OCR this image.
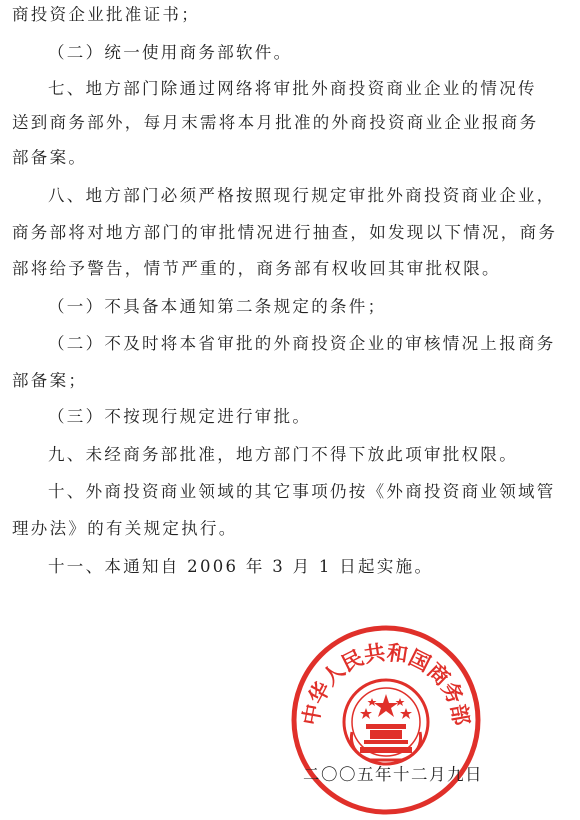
商投资企业批准证书；
（二）统一使用商务部软件。
七、地方部门除通过网络将审批外商投资商业企业的情况传
送到商务部外，每月末需将本月批准的外商投资商业企业报商务
部备案。
八、地方部门必须严格按照现行规定审批外商投资商业企业，
商务部将对地方部门的审批情况进行抽查，如发现以下情况，商务
部将给予警告，情节严重的，商务部有权收回其审批权限。
（一）不具备本通知第二条规定的条件；
（二）不及时将本省审批的外商投资企业的审核情况上报商务
部备案；
（三）不按现行规定进行审批。
九、未经商务部批准，地方部门不得下放此项审批权限。
十、外商投资商业领域的其它事项仍按《外商投资商业领域管
理办法》的有关规定执行。
十一、本通知自 2006 年 3 月 1 日起实施。
中华人民共和国商务部
二〇〇五年十二月九日
